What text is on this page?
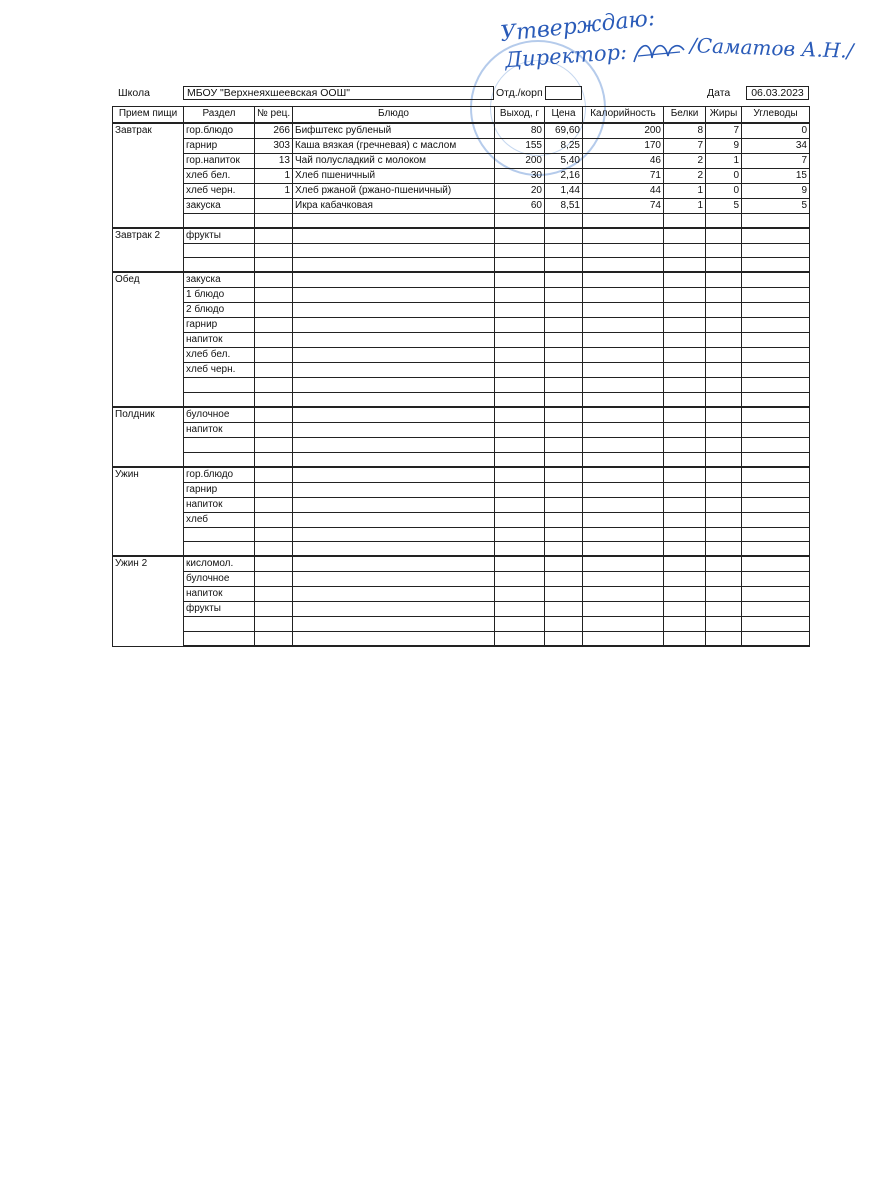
Утверждаю:
Директор:	/Саматов А.Н./
Школа	МБОУ "Верхнеяхшеевская ООШ"	Отд./корп	Дата	06.03.2023
Прием пищи	Раздел	№ рец.	Блюдо	Выход, г	Цена	Калорийность	Белки	Жиры	Углеводы
Завтрак	гор.блюдо	266	Бифштекс рубленый	80	69,60	200	8	7	0
	гарнир	303	Каша вязкая (гречневая) с маслом	155	8,25	170	7	9	34
	гор.напиток	13	Чай полусладкий с молоком	200	5,40	46	2	1	7
	хлеб бел.	1	Хлеб пшеничный	30	2,16	71	2	0	15
	хлеб черн.	1	Хлеб ржаной (ржано-пшеничный)	20	1,44	44	1	0	9
	закуска		Икра кабачковая	60	8,51	74	1	5	5

Завтрак 2	фрукты								

Обед	закуска								
	1 блюдо								
	2 блюдо								
	гарнир								
	напиток								
	хлеб бел.								
	хлеб черн.								

Полдник	булочное								
	напиток								

Ужин	гор.блюдо								
	гарнир								
	напиток								
	хлеб								

Ужин 2	кисломол.								
	булочное								
	напиток								
	фрукты								
